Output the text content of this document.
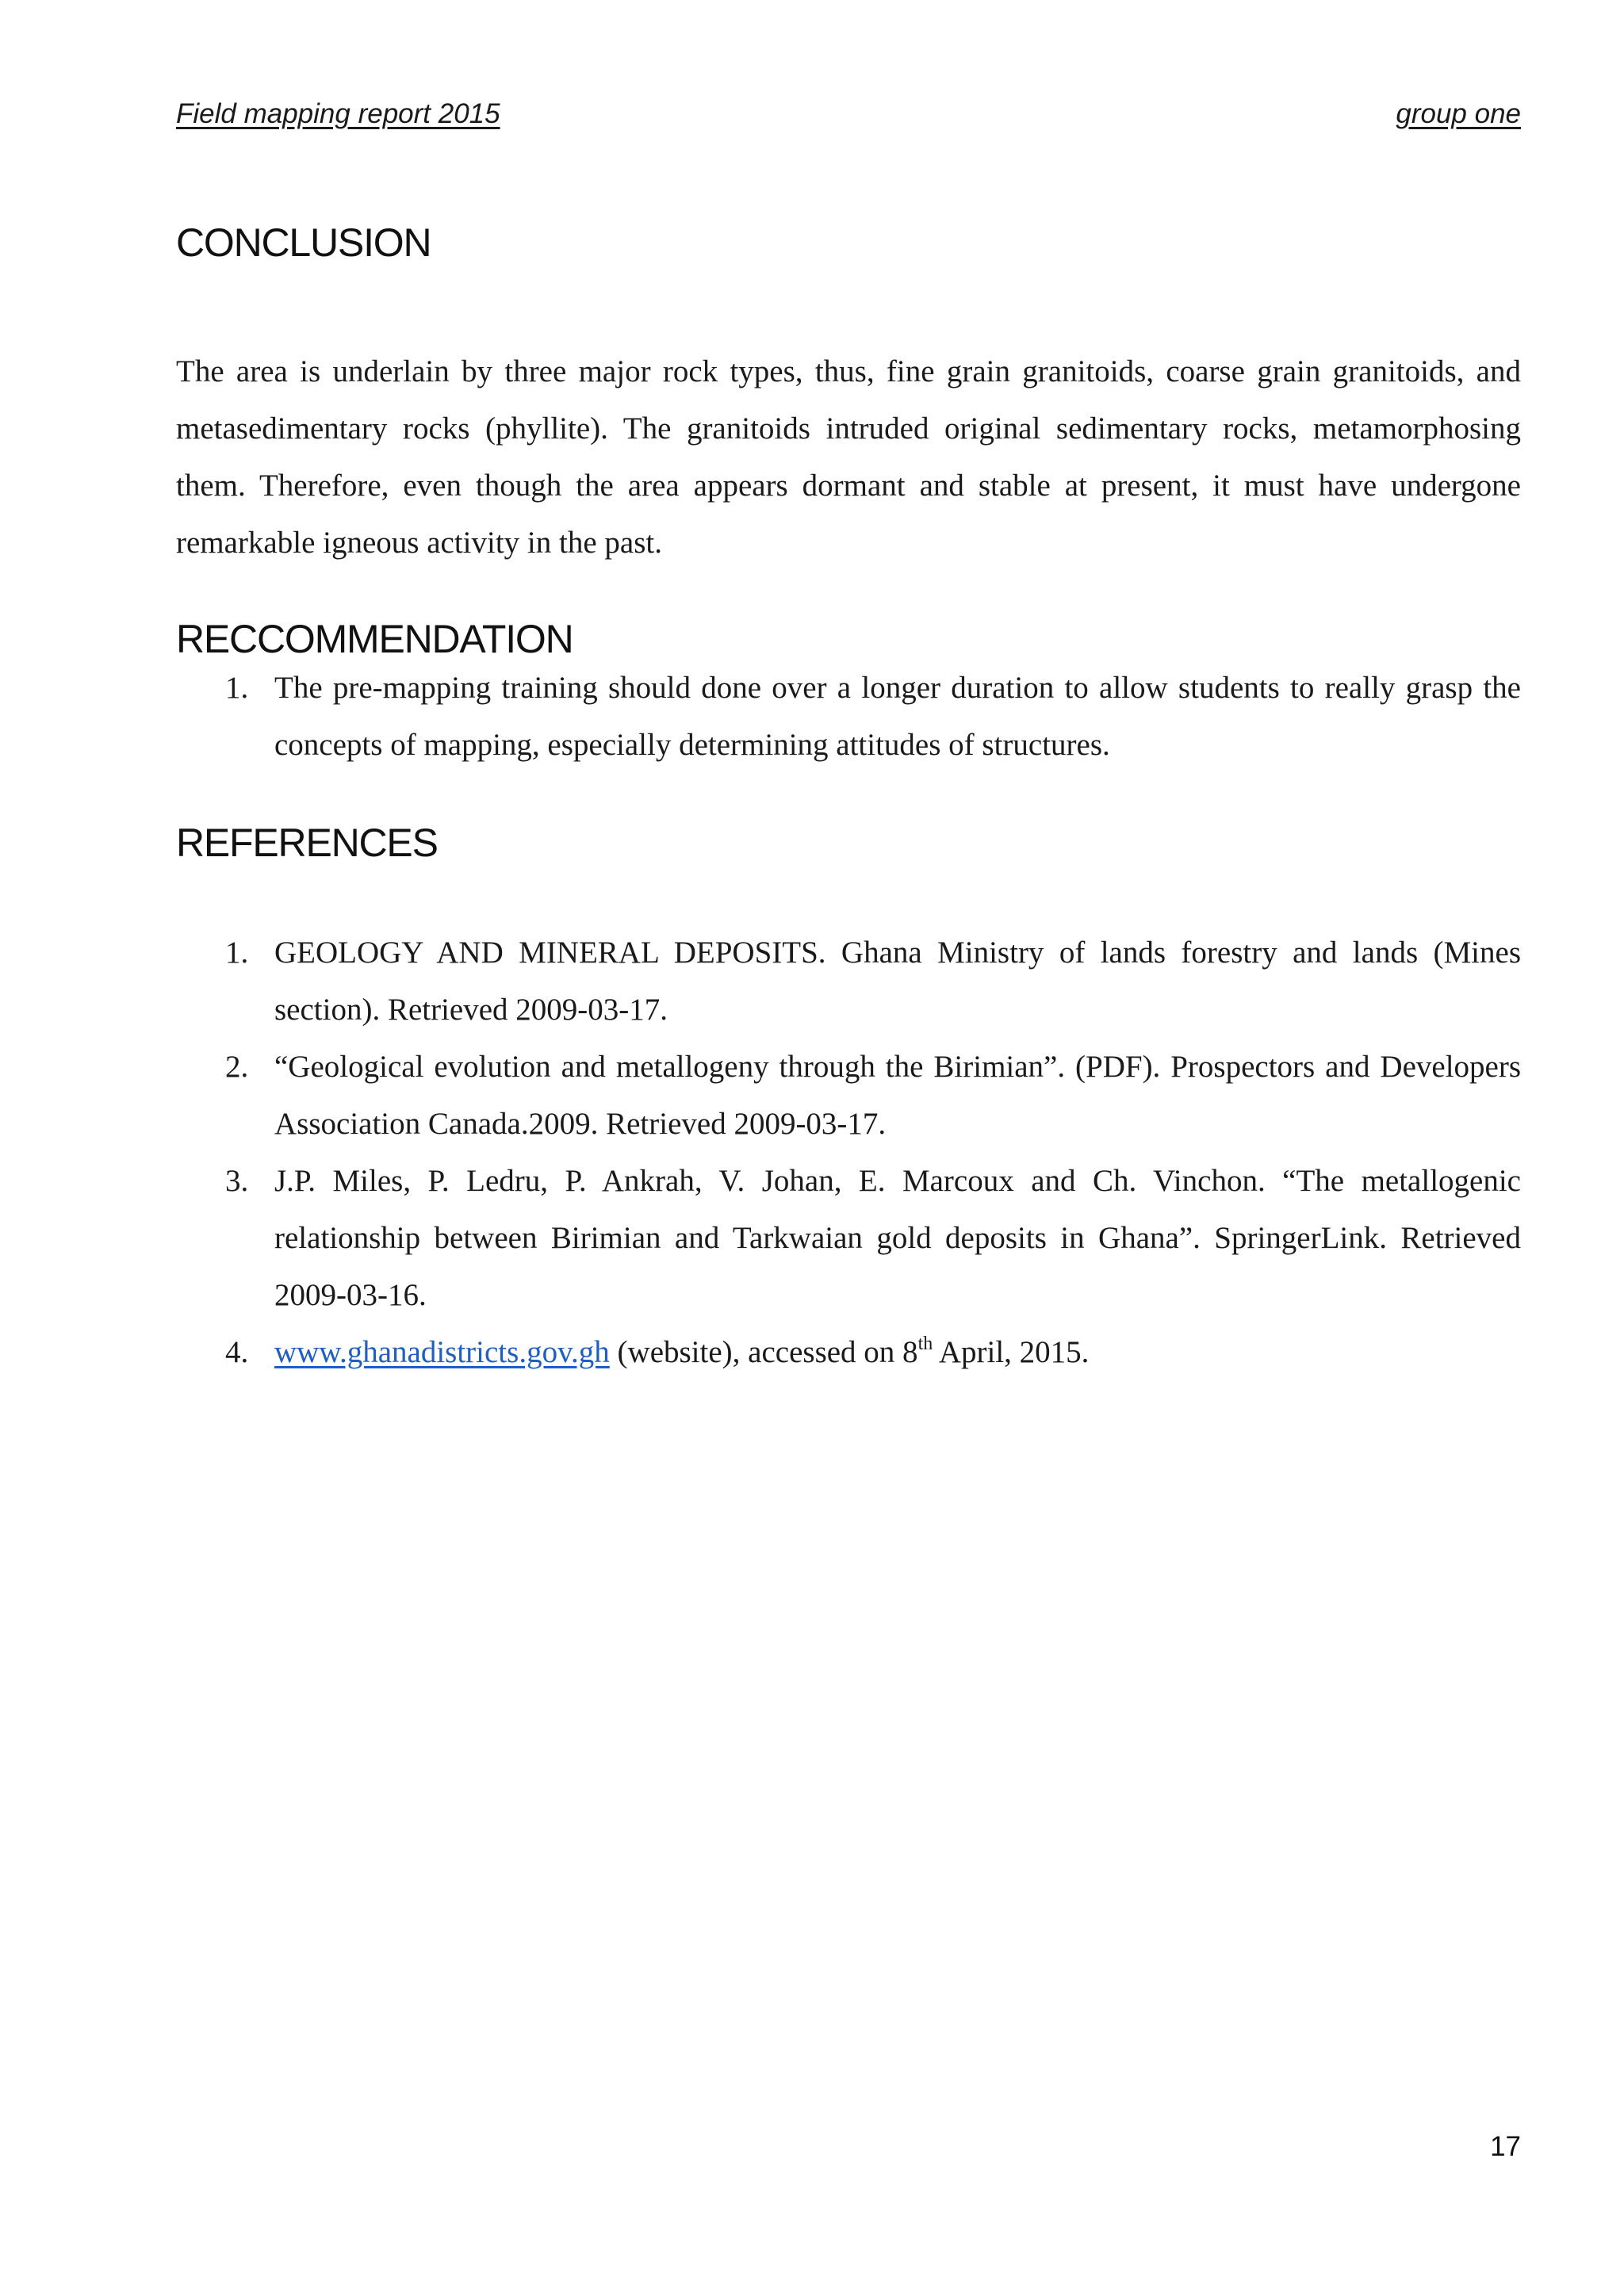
Field mapping report 2015	group one
CONCLUSION

The area is underlain by three major rock types, thus, fine grain granitoids, coarse grain granitoids, and metasedimentary rocks (phyllite). The granitoids intruded original sedimentary rocks, metamorphosing them. Therefore, even though the area appears dormant and stable at present, it must have undergone remarkable igneous activity in the past.

RECCOMMENDATION
1. The pre-mapping training should done over a longer duration to allow students to really grasp the concepts of mapping, especially determining attitudes of structures.
REFERENCES
1. GEOLOGY AND MINERAL DEPOSITS. Ghana Ministry of lands forestry and lands (Mines section). Retrieved 2009-03-17.
2. “Geological evolution and metallogeny through the Birimian”. (PDF). Prospectors and Developers Association Canada.2009. Retrieved 2009-03-17.
3. J.P. Miles, P. Ledru, P. Ankrah, V. Johan, E. Marcoux and Ch. Vinchon. “The metallogenic relationship between Birimian and Tarkwaian gold deposits in Ghana”. SpringerLink. Retrieved 2009-03-16.
4. www.ghanadistricts.gov.gh (website), accessed on 8th April, 2015.
17
